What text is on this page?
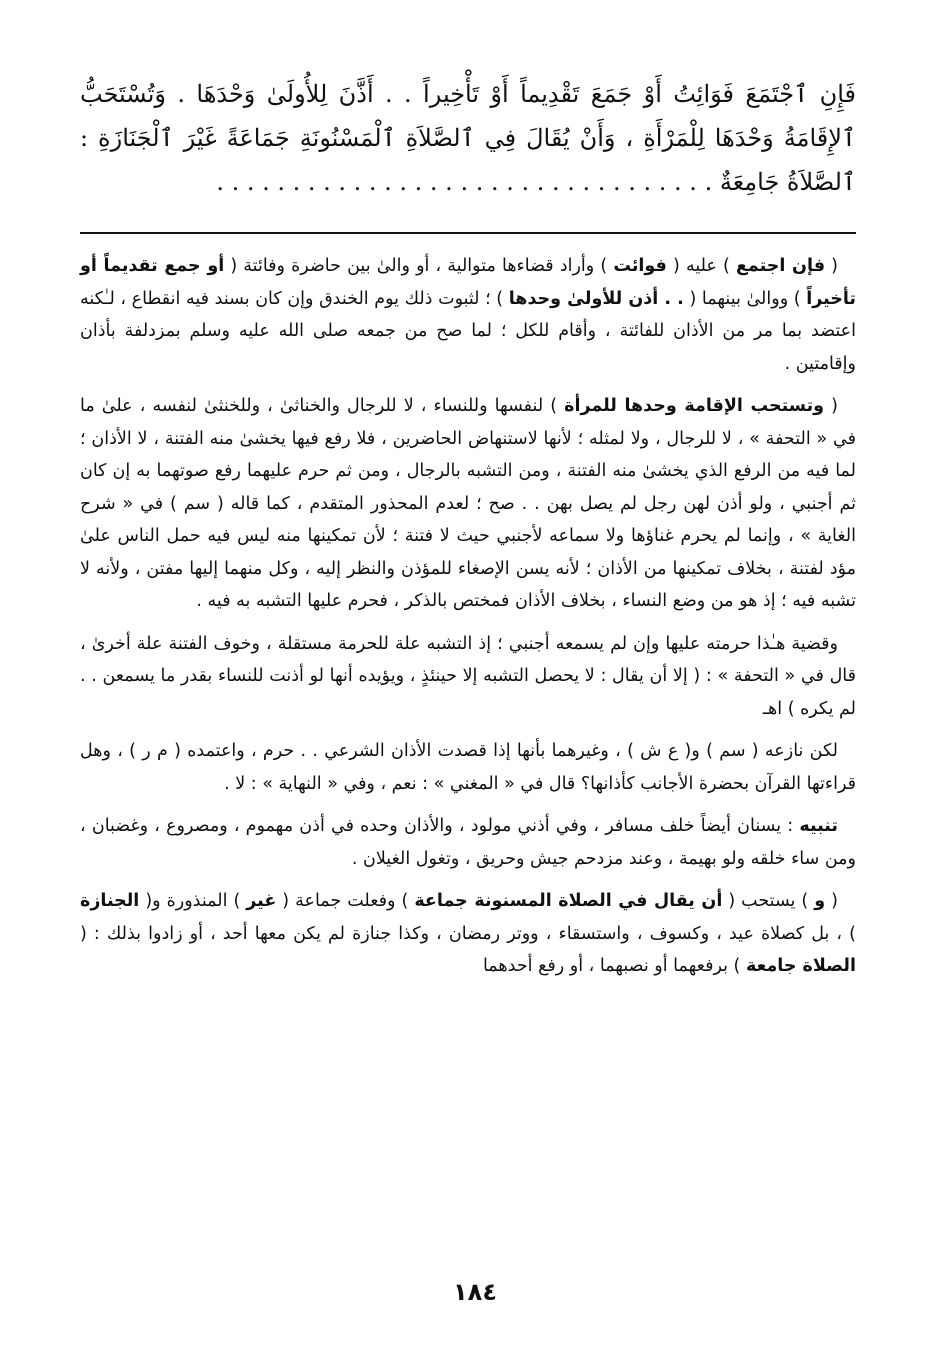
فَإِنِ ٱجْتَمَعَ فَوَائِتُ أَوْ جَمَعَ تَقْدِيماً أَوْ تَأْخِيراً . . أَذَّنَ لِلأُولَىٰ وَحْدَهَا . وَتُسْتَحَبُّ ٱلإِقَامَةُ وَحْدَهَا لِلْمَرْأَةِ ، وَأَنْ يُقَالَ فِي ٱلصَّلاَةِ ٱلْمَسْنُونَةِ جَمَاعَةً غَيْرَ ٱلْجَنَازَةِ : ٱلصَّلاَةُ جَامِعَةٌ . . . . . . . . . . . . . . . . . . . . . . . . . . . . . . . . .

( فإن اجتمع ) عليه ( فوائت ) وأراد قضاءها متوالية ، أو والىٰ بين حاضرة وفائتة ( أو جمع تقديماً أو تأخيراً ) ووالىٰ بينهما ( . . أذن للأولىٰ وحدها ) ؛ لثبوت ذلك يوم الخندق وإن كان بسند فيه انقطاع ، لـٰكنه اعتضد بما مر من الأذان للفائتة ، وأقام للكل ؛ لما صح من جمعه صلى الله عليه وسلم بمزدلفة بأذان وإقامتين .

( وتستحب الإقامة وحدها للمرأة ) لنفسها وللنساء ، لا للرجال والخناثىٰ ، وللخنثىٰ لنفسه ، علىٰ ما في « التحفة » ، لا للرجال ، ولا لمثله ؛ لأنها لاستنهاض الحاضرين ، فلا رفع فيها يخشىٰ منه الفتنة ، لا الأذان ؛ لما فيه من الرفع الذي يخشىٰ منه الفتنة ، ومن التشبه بالرجال ، ومن ثم حرم عليهما رفع صوتهما به إن كان ثم أجنبي ، ولو أذن لهن رجل لم يصل بهن . . صح ؛ لعدم المحذور المتقدم ، كما قاله ( سم ) في « شرح الغاية » ، وإنما لم يحرم غناؤها ولا سماعه لأجنبي حيث لا فتنة ؛ لأن تمكينها منه ليس فيه حمل الناس علىٰ مؤد لفتنة ، بخلاف تمكينها من الأذان ؛ لأنه يسن الإصغاء للمؤذن والنظر إليه ، وكل منهما إليها مفتن ، ولأنه لا تشبه فيه ؛ إذ هو من وضع النساء ، بخلاف الأذان فمختص بالذكر ، فحرم عليها التشبه به فيه .

وقضية هـٰذا حرمته عليها وإن لم يسمعه أجنبي ؛ إذ التشبه علة للحرمة مستقلة ، وخوف الفتنة علة أخرىٰ ، قال في « التحفة » : ( إلا أن يقال : لا يحصل التشبه إلا حينئذٍ ، ويؤيده أنها لو أذنت للنساء بقدر ما يسمعن . . لم يكره ) اهـ

لكن نازعه ( سم ) و( ع ش ) ، وغيرهما بأنها إذا قصدت الأذان الشرعي . . حرم ، واعتمده ( م ر ) ، وهل قراءتها القرآن بحضرة الأجانب كأذانها؟ قال في « المغني » : نعم ، وفي « النهاية » : لا .

تنبيه : يسنان أيضاً خلف مسافر ، وفي أذني مولود ، والأذان وحده في أذن مهموم ، ومصروع ، وغضبان ، ومن ساء خلقه ولو بهيمة ، وعند مزدحم جيش وحريق ، وتغول الغيلان .

( و ) يستحب ( أن يقال في الصلاة المسنونة جماعة ) وفعلت جماعة ( غير ) المنذورة و( الجنازة ) ، بل كصلاة عيد ، وكسوف ، واستسقاء ، ووتر رمضان ، وكذا جنازة لم يكن معها أحد ، أو زادوا بذلك : ( الصلاة جامعة ) برفعهما أو نصبهما ، أو رفع أحدهما

١٨٤
